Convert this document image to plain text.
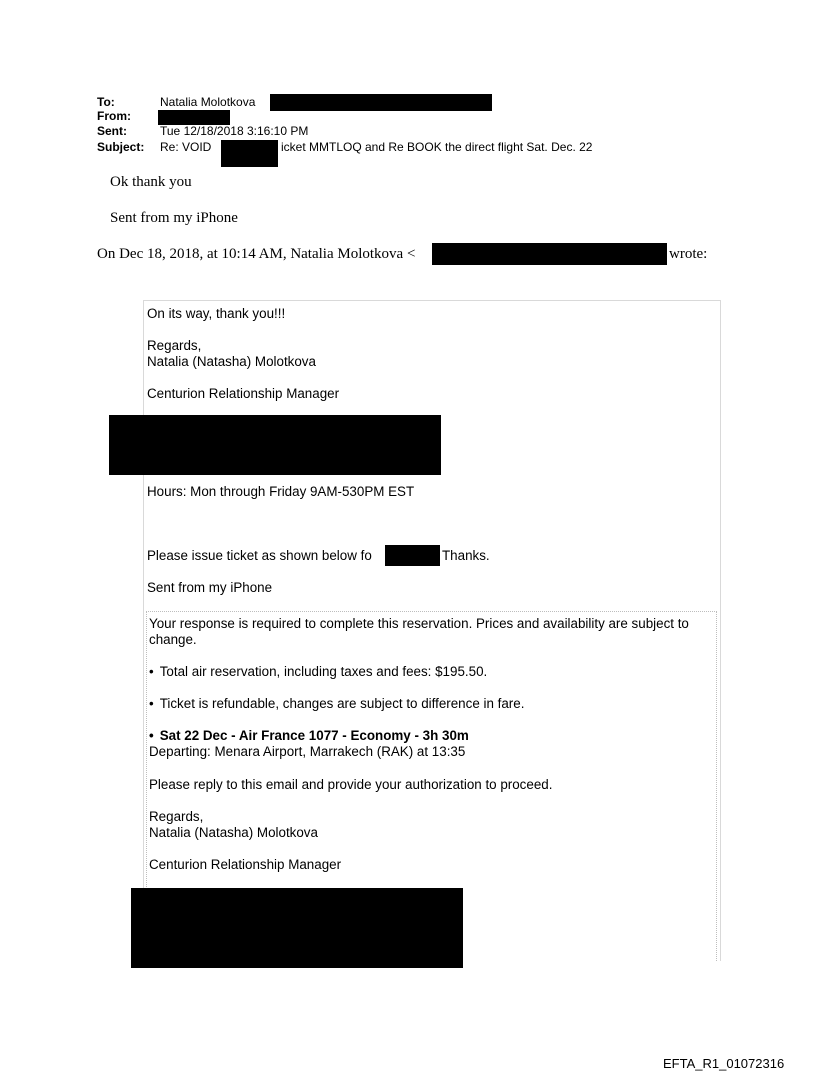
To:	Natalia Molotkova
From:
Sent:	Tue 12/18/2018 3:16:10 PM
Subject: Re: VOID	icket MMTLOQ and Re BOOK the direct flight Sat. Dec. 22
Ok thank you
Sent from my iPhone
On Dec 18, 2018, at 10:14 AM, Natalia Molotkova <	wrote:
On its way, thank you!!!
Regards,
Natalia (Natasha) Molotkova
Centurion Relationship Manager
Hours: Mon through Friday 9AM-530PM EST
Please issue ticket as shown below fo	Thanks.
Sent from my iPhone
Your response is required to complete this reservation. Prices and availability are subject to change.
• Total air reservation, including taxes and fees: $195.50.
• Ticket is refundable, changes are subject to difference in fare.
• Sat 22 Dec - Air France 1077 - Economy - 3h 30m
Departing: Menara Airport, Marrakech (RAK) at 13:35
Please reply to this email and provide your authorization to proceed.
Regards,
Natalia (Natasha) Molotkova
Centurion Relationship Manager
EFTA_R1_01072316
